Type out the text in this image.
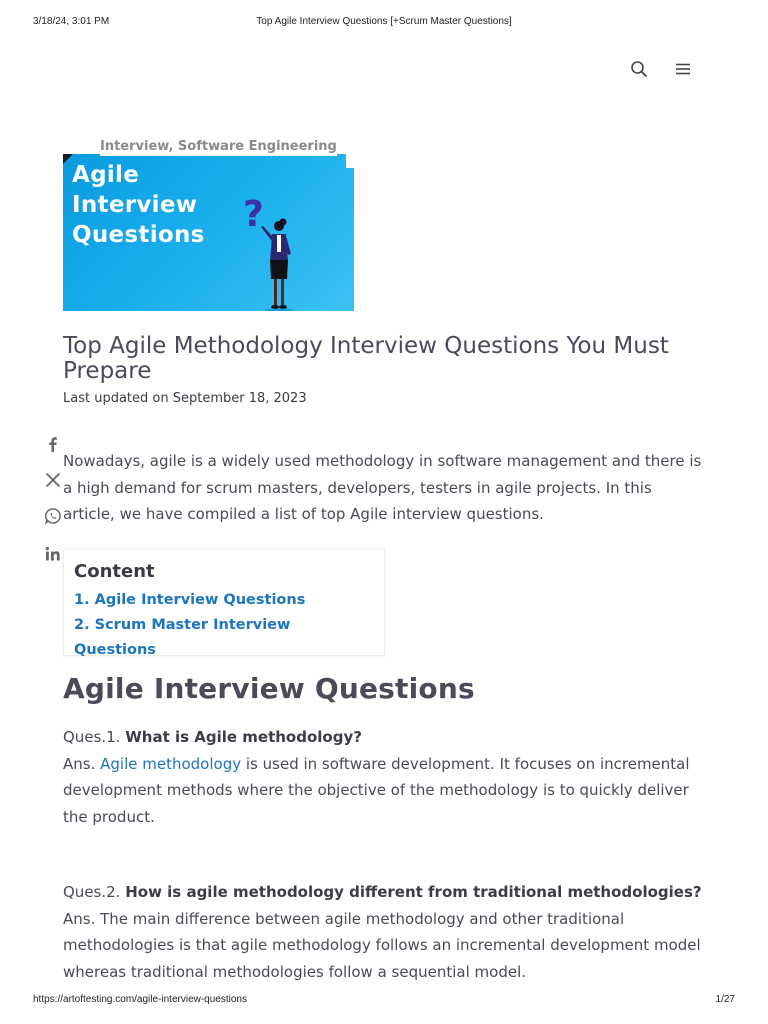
3/18/24, 3:01 PM	Top Agile Interview Questions [+Scrum Master Questions]
Agile
Interview
Questions ?
Interview, Software Engineering
Top Agile Methodology Interview Questions You Must Prepare
Last updated on September 18, 2023

Nowadays, agile is a widely used methodology in software management and there is a high demand for scrum masters, developers, testers in agile projects. In this article, we have compiled a list of top Agile interview questions.

Content
1. Agile Interview Questions
2. Scrum Master Interview Questions
Agile Interview Questions
Ques.1. What is Agile methodology?
Ans. Agile methodology is used in software development. It focuses on incremental development methods where the objective of the methodology is to quickly deliver the product.
Ques.2. How is agile methodology different from traditional methodologies?
Ans. The main difference between agile methodology and other traditional methodologies is that agile methodology follows an incremental development model whereas traditional methodologies follow a sequential model.
https://artoftesting.com/agile-interview-questions	1/27
